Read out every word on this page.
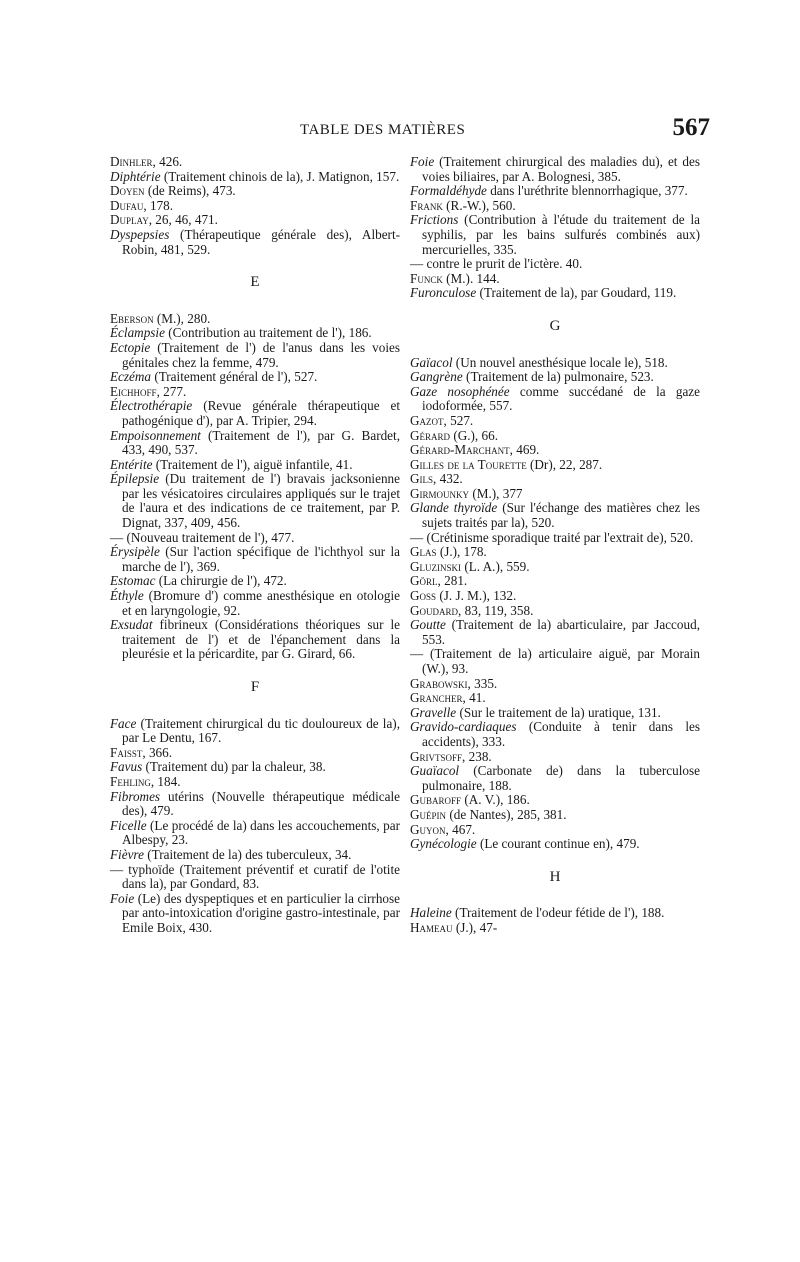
TABLE DES MATIÈRES	567

Dinhler, 426.

Diphtérie (Traitement chinois de la), J. Matignon, 157.

Doyen (de Reims), 473.

Dufau, 178.

Duplay, 26, 46, 471.

Dyspepsies (Thérapeutique générale des), Albert-Robin, 481, 529.

E

Eberson (M.), 280.

Éclampsie (Contribution au traitement de l'), 186.

Ectopie (Traitement de l') de l'anus dans les voies génitales chez la femme, 479.

Eczéma (Traitement général de l'), 527.

Eichhoff, 277.

Électrothérapie (Revue générale thérapeutique et pathogénique d'), par A. Tripier, 294.

Empoisonnement (Traitement de l'), par G. Bardet, 433, 490, 537.

Entérite (Traitement de l'), aiguë infantile, 41.

Épilepsie (Du traitement de l') bravais jacksonienne par les vésicatoires circulaires appliqués sur le trajet de l'aura et des indications de ce traitement, par P. Dignat, 337, 409, 456.

— (Nouveau traitement de l'), 477.

Érysipèle (Sur l'action spécifique de l'ichthyol sur la marche de l'), 369.

Estomac (La chirurgie de l'), 472.

Éthyle (Bromure d') comme anesthésique en otologie et en laryngologie, 92.

Exsudat fibrineux (Considérations théoriques sur le traitement de l') et de l'épanchement dans la pleurésie et la péricardite, par G. Girard, 66.

F

Face (Traitement chirurgical du tic douloureux de la), par Le Dentu, 167.

Faisst, 366.

Favus (Traitement du) par la chaleur, 38.

Fehling, 184.

Fibromes utérins (Nouvelle thérapeutique médicale des), 479.

Ficelle (Le procédé de la) dans les accouchements, par Albespy, 23.

Fièvre (Traitement de la) des tuberculeux, 34.

— typhoïde (Traitement préventif et curatif de l'otite dans la), par Gondard, 83.

Foie (Le) des dyspeptiques et en particulier la cirrhose par anto-intoxication d'origine gastro-intestinale, par Emile Boix, 430.

Foie (Traitement chirurgical des maladies du), et des voies biliaires, par A. Bolognesi, 385.

Formaldéhyde dans l'uréthrite blennorrhagique, 377.

Frank (R.-W.), 560.

Frictions (Contribution à l'étude du traitement de la syphilis, par les bains sulfurés combinés aux) mercurielles, 335.

— contre le prurit de l'ictère. 40.

Funck (M.). 144.

Furonculose (Traitement de la), par Goudard, 119.

G

Gaïacol (Un nouvel anesthésique locale le), 518.

Gangrène (Traitement de la) pulmonaire, 523.

Gaze nosophénée comme succédané de la gaze iodoformée, 557.

Gazot, 527.

Gérard (G.), 66.

Gérard-Marchant, 469.

Gilles de la Tourette (Dr), 22, 287.

Gils, 432.

Girmounky (M.), 377

Glande thyroïde (Sur l'échange des matières chez les sujets traités par la), 520.

— (Crétinisme sporadique traité par l'extrait de), 520.

Glas (J.), 178.

Gluzinski (L. A.), 559.

Görl, 281.

Goss (J. J. M.), 132.

Goudard, 83, 119, 358.

Goutte (Traitement de la) abarticulaire, par Jaccoud, 553.

— (Traitement de la) articulaire aiguë, par Morain (W.), 93.

Grabowski, 335.

Grancher, 41.

Gravelle (Sur le traitement de la) uratique, 131.

Gravido-cardiaques (Conduite à tenir dans les accidents), 333.

Grivtsoff, 238.

Guaïacol (Carbonate de) dans la tuberculose pulmonaire, 188.

Gubaroff (A. V.), 186.

Guépin (de Nantes), 285, 381.

Guyon, 467.

Gynécologie (Le courant continue en), 479.

H

Haleine (Traitement de l'odeur fétide de l'), 188.

Hameau (J.), 47-
